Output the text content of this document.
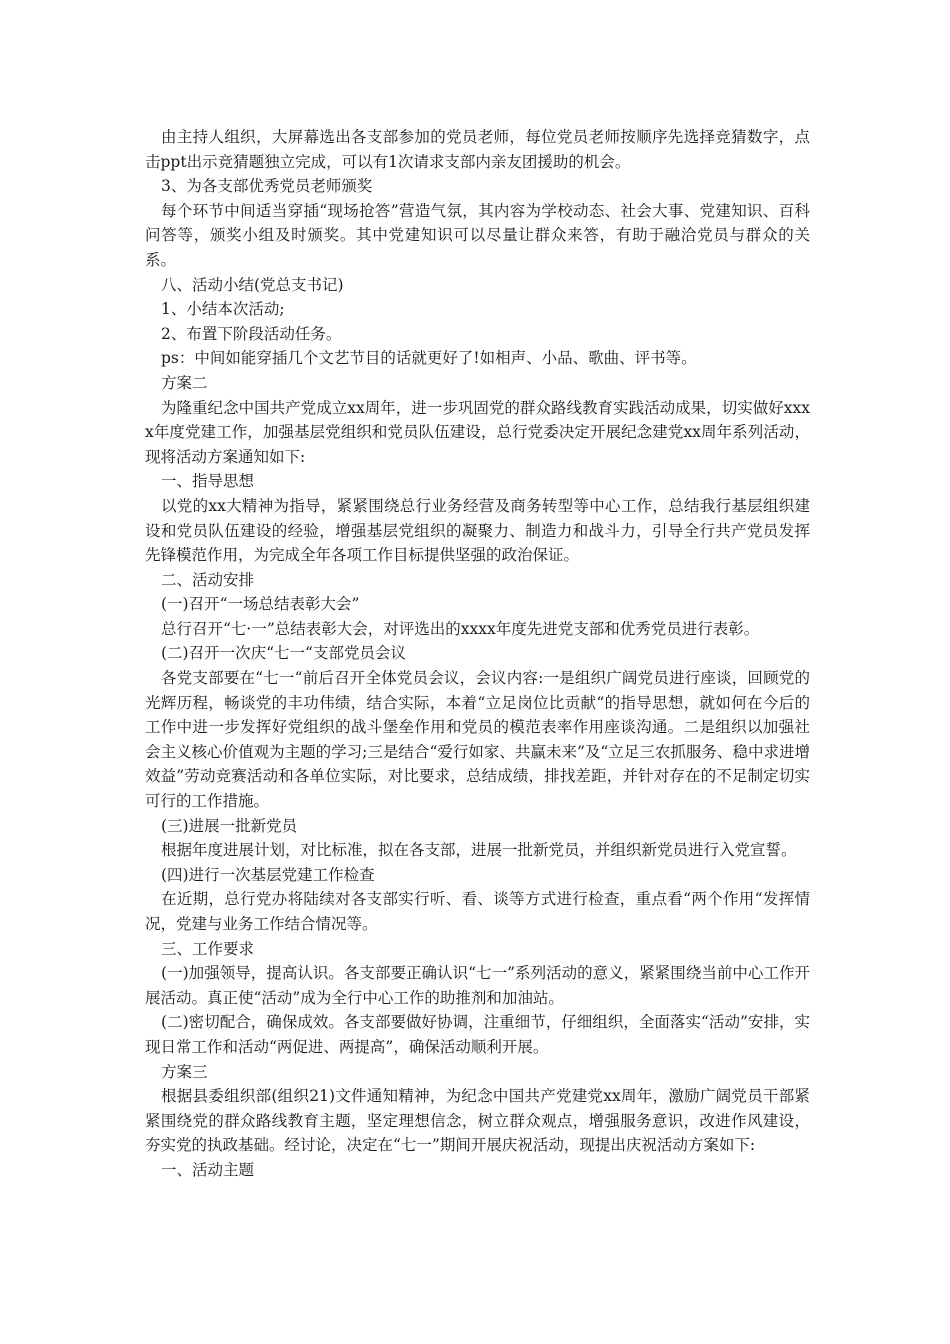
由主持人组织，大屏幕选出各支部参加的党员老师，每位党员老师按顺序先选择竞猜数字，点击ppt出示竞猜题独立完成，可以有1次请求支部内亲友团援助的机会。

3、为各支部优秀党员老师颁奖

每个环节中间适当穿插“现场抢答”营造气氛，其内容为学校动态、社会大事、党建知识、百科问答等，颁奖小组及时颁奖。其中党建知识可以尽量让群众来答，有助于融洽党员与群众的关系。

八、活动小结(党总支书记)

1、小结本次活动;

2、布置下阶段活动任务。

ps：中间如能穿插几个文艺节目的话就更好了!如相声、小品、歌曲、评书等。

方案二

为隆重纪念中国共产党成立xx周年，进一步巩固党的群众路线教育实践活动成果，切实做好xxxx年度党建工作，加强基层党组织和党员队伍建设，总行党委决定开展纪念建党xx周年系列活动，现将活动方案通知如下:

一、指导思想

以党的xx大精神为指导，紧紧围绕总行业务经营及商务转型等中心工作，总结我行基层组织建设和党员队伍建设的经验，增强基层党组织的凝聚力、制造力和战斗力，引导全行共产党员发挥先锋模范作用，为完成全年各项工作目标提供坚强的政治保证。

二、活动安排

(一)召开“一场总结表彰大会”

总行召开“七·一”总结表彰大会，对评选出的xxxx年度先进党支部和优秀党员进行表彰。

(二)召开一次庆“七一“支部党员会议

各党支部要在“七一“前后召开全体党员会议，会议内容:一是组织广阔党员进行座谈，回顾党的光辉历程，畅谈党的丰功伟绩，结合实际，本着“立足岗位比贡献“的指导思想，就如何在今后的工作中进一步发挥好党组织的战斗堡垒作用和党员的模范表率作用座谈沟通。二是组织以加强社会主义核心价值观为主题的学习;三是结合“爱行如家、共赢未来”及“立足三农抓服务、稳中求进增效益”劳动竞赛活动和各单位实际，对比要求，总结成绩，排找差距，并针对存在的不足制定切实可行的工作措施。

(三)进展一批新党员

根据年度进展计划，对比标准，拟在各支部，进展一批新党员，并组织新党员进行入党宣誓。

(四)进行一次基层党建工作检查

在近期，总行党办将陆续对各支部实行听、看、谈等方式进行检查，重点看“两个作用“发挥情况，党建与业务工作结合情况等。

三、工作要求

(一)加强领导，提高认识。各支部要正确认识“七一”系列活动的意义，紧紧围绕当前中心工作开展活动。真正使“活动”成为全行中心工作的助推剂和加油站。

(二)密切配合，确保成效。各支部要做好协调，注重细节，仔细组织，全面落实“活动”安排，实现日常工作和活动“两促进、两提高”，确保活动顺利开展。

方案三

根据县委组织部(组织21)文件通知精神，为纪念中国共产党建党xx周年，激励广阔党员干部紧紧围绕党的群众路线教育主题，坚定理想信念，树立群众观点，增强服务意识，改进作风建设，夯实党的执政基础。经讨论，决定在“七一”期间开展庆祝活动，现提出庆祝活动方案如下:

一、活动主题
